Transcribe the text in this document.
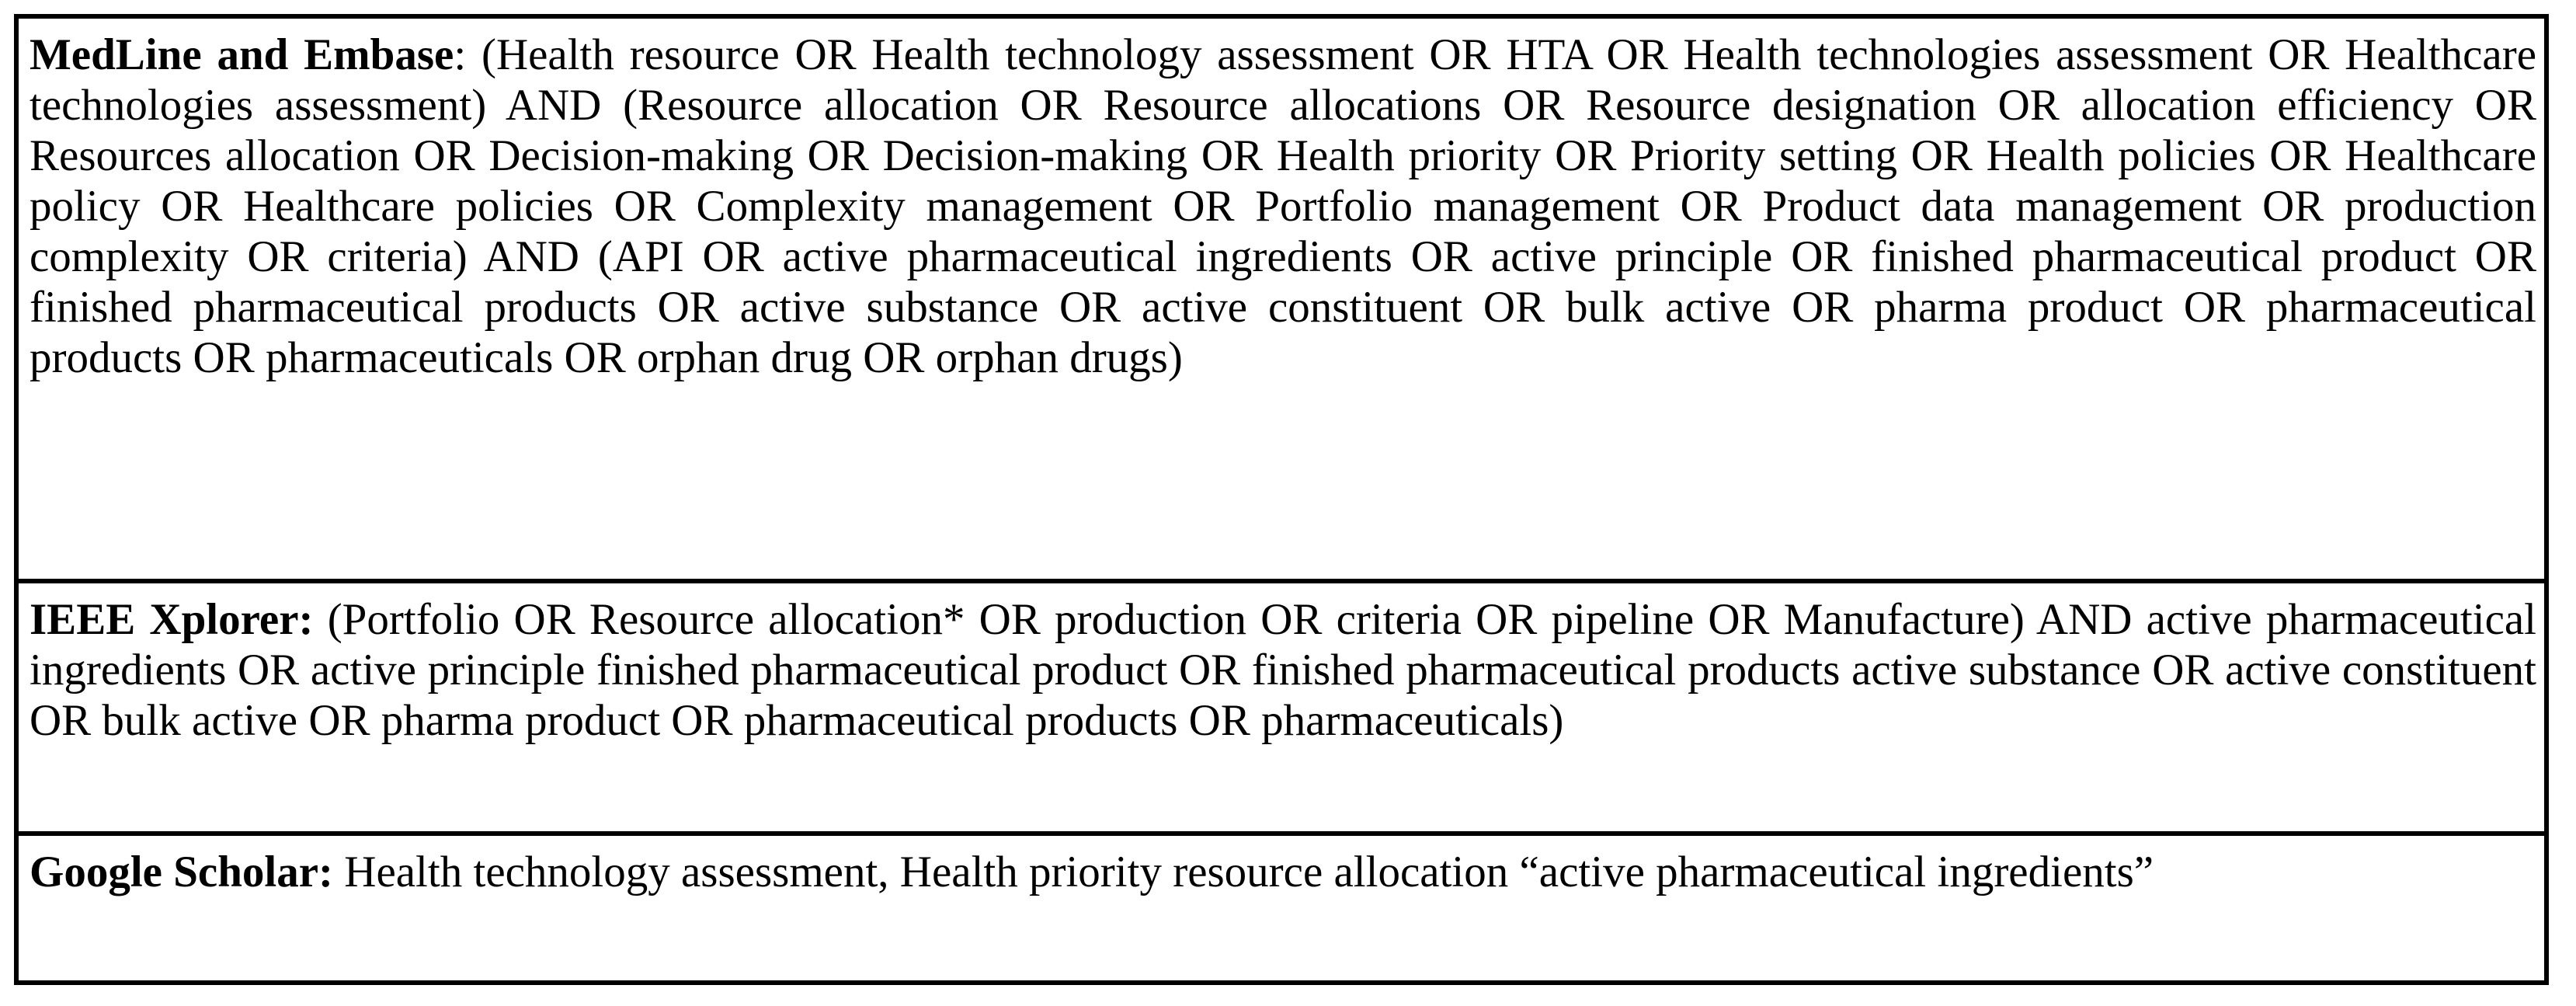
MedLine and Embase: (Health resource OR Health technology assessment OR HTA OR Health technologies assessment OR Healthcare technologies assessment) AND (Resource allocation OR Resource allocations OR Resource designation OR allocation efficiency OR Resources allocation OR Decision-making OR Decision-making OR Health priority OR Priority setting OR Health policies OR Healthcare policy OR Healthcare policies OR Complexity management OR Portfolio management OR Product data management OR production complexity OR criteria) AND (API OR active pharmaceutical ingredients OR active principle OR finished pharmaceutical product OR finished pharmaceutical products OR active substance OR active constituent OR bulk active OR pharma product OR pharmaceutical products OR pharmaceuticals OR orphan drug OR orphan drugs)
IEEE Xplorer: (Portfolio OR Resource allocation* OR production OR criteria OR pipeline OR Manufacture) AND active pharmaceutical ingredients OR active principle finished pharmaceutical product OR finished pharmaceutical products active substance OR active constituent OR bulk active OR pharma product OR pharmaceutical products OR pharmaceuticals)
Google Scholar: Health technology assessment, Health priority resource allocation “active pharmaceutical ingredients”
